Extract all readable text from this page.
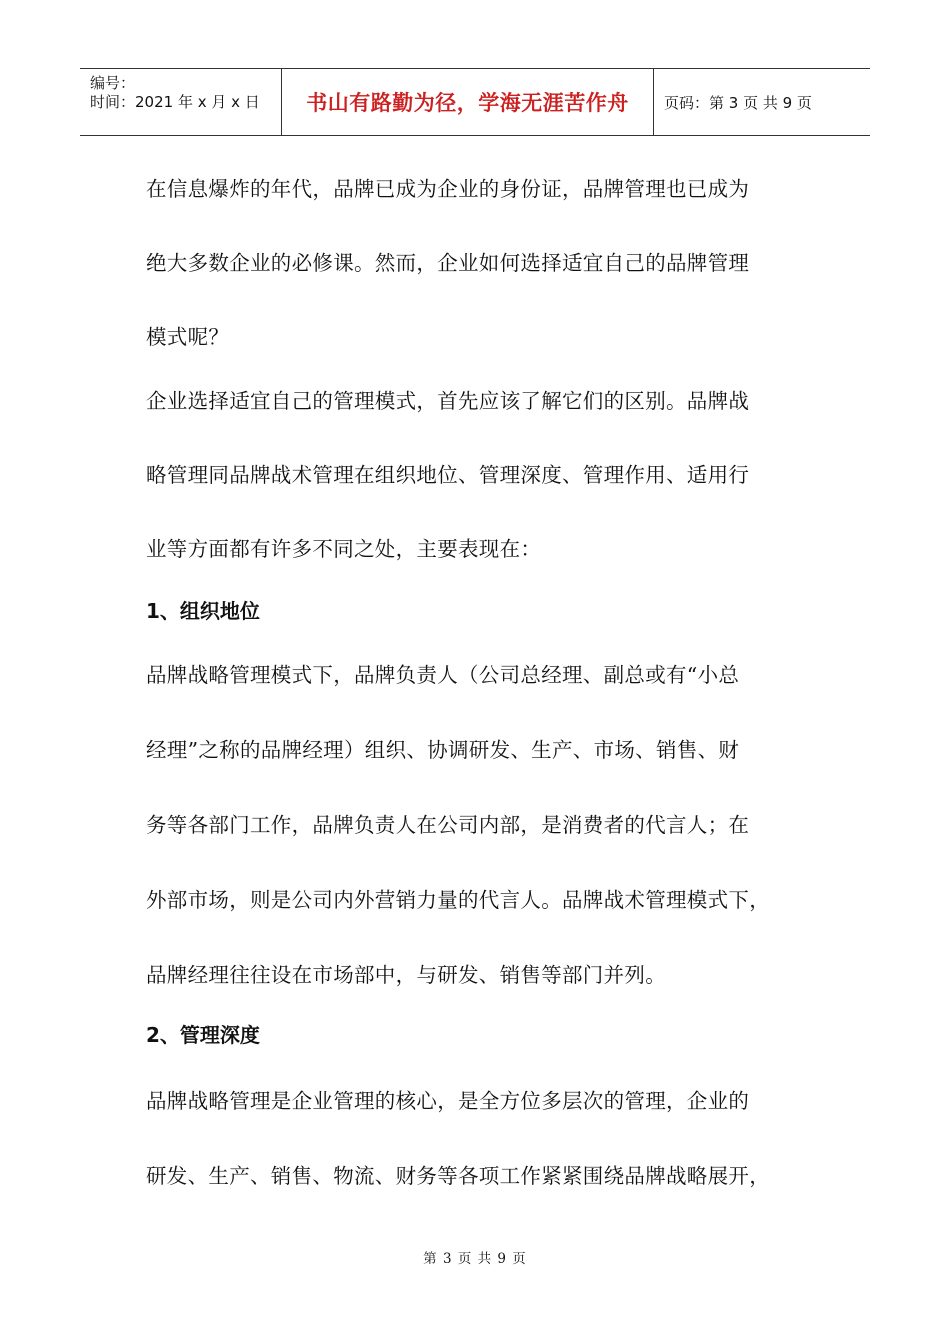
编号：
时间：2021 年 x 月 x 日 书山有路勤为径，学海无涯苦作舟 页码：第 3 页 共 9 页
在信息爆炸的年代，品牌已成为企业的身份证，品牌管理也已成为
绝大多数企业的必修课。然而，企业如何选择适宜自己的品牌管理
模式呢？
企业选择适宜自己的管理模式，首先应该了解它们的区别。品牌战
略管理同品牌战术管理在组织地位、管理深度、管理作用、适用行
业等方面都有许多不同之处，主要表现在：
1、组织地位
品牌战略管理模式下，品牌负责人（公司总经理、副总或有“小总
经理”之称的品牌经理）组织、协调研发、生产、市场、销售、财
务等各部门工作，品牌负责人在公司内部，是消费者的代言人；在
外部市场，则是公司内外营销力量的代言人。品牌战术管理模式下，
品牌经理往往设在市场部中，与研发、销售等部门并列。
2、管理深度
品牌战略管理是企业管理的核心，是全方位多层次的管理，企业的
研发、生产、销售、物流、财务等各项工作紧紧围绕品牌战略展开，
第 3 页 共 9 页
